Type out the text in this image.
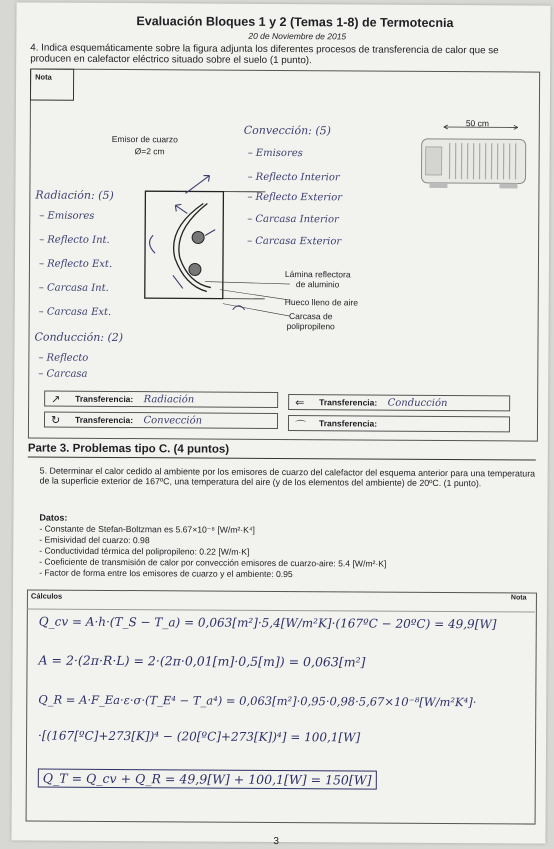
Evaluación Bloques 1 y 2 (Temas 1-8) de Termotecnia
20 de Noviembre de 2015
4. Indica esquemáticamente sobre la figura adjunta los diferentes procesos de transferencia de calor que se producen en calefactor eléctrico situado sobre el suelo (1 punto).
Nota
Emisor de cuarzo
Ø=2 cm
Lámina reflectora
de aluminio
Hueco lleno de aire
Carcasa de
polipropileno
50 cm
Radiación: (5)
– Emisores
– Reflecto Int.
– Reflecto Ext.
– Carcasa Int.
– Carcasa Ext.
Conducción: (2)
– Reflecto
– Carcasa
Convección: (5)
– Emisores
– Reflecto Interior
– Reflecto Exterior
– Carcasa Interior
– Carcasa Exterior
↗ Transferencia: Radiación	⇐ Transferencia: Conducción
↻ Transferencia: Convección	⌒ Transferencia:
Parte 3. Problemas tipo C. (4 puntos)
5. Determinar el calor cedido al ambiente por los emisores de cuarzo del calefactor del esquema anterior para una temperatura de la superficie exterior de 167ºC, una temperatura del aire (y de los elementos del ambiente) de 20ºC. (1 punto).
Datos:
- Constante de Stefan-Boltzman es 5.67×10⁻⁸ [W/m²·K⁴]
- Emisividad del cuarzo: 0.98
- Conductividad térmica del polipropileno: 0.22 [W/m·K]
- Coeficiente de transmisión de calor por convección emisores de cuarzo-aire: 5.4 [W/m²·K]
- Factor de forma entre los emisores de cuarzo y el ambiente: 0.95
Cálculos	Nota
Q_cv = A·h·(T_S − T_a) = 0,063[m²]·5,4[W/m²K]·(167ºC − 20ºC) = 49,9[W]
A = 2·(2π·R·L) = 2·(2π·0,01[m]·0,5[m]) = 0,063[m²]
Q_R = A·F_Ea·ε·σ·(T_E⁴ − T_a⁴) = 0,063[m²]·0,95·0,98·5,67×10⁻⁸[W/m²K⁴]·
·[(167[ºC]+273[K])⁴ − (20[ºC]+273[K])⁴] = 100,1[W]
Q_T = Q_cv + Q_R = 49,9[W] + 100,1[W] = 150[W]
3
